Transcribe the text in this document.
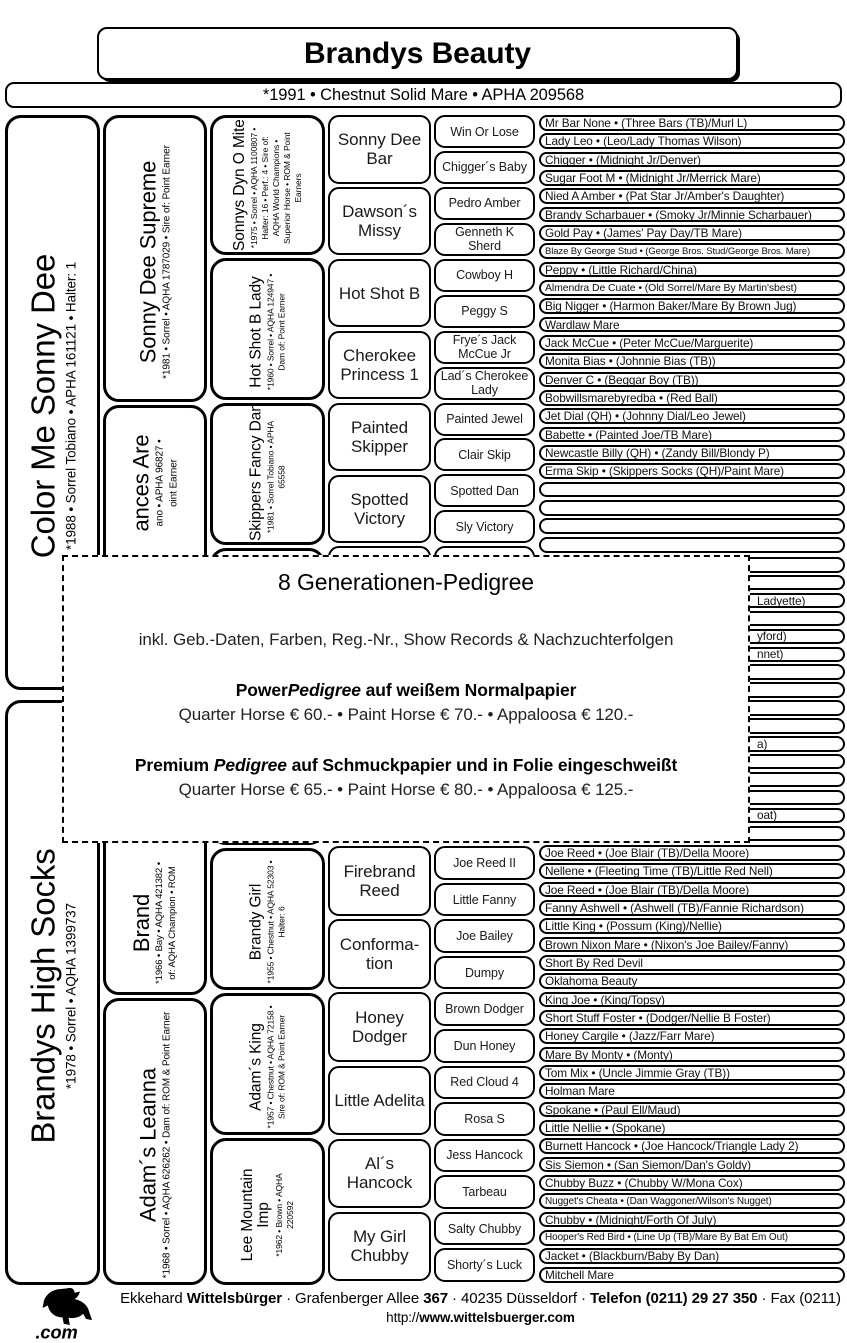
Brandys Beauty
*1991 • Chestnut Solid Mare • APHA 209568
Color Me Sonny Dee *1988 • Sorrel Tobiano • APHA 161121 • Halter: 1
Brandys High Socks *1978 • Sorrel • AQHA 1399737
Sonny Dee Supreme *1981 • Sorrel • AQHA 1787029 • Sire of: Point Earner
ances Are ano • APHA 96827 • oint Earner
Brand *1966 • Bay • AQHA 421382 • of: AQHA Champion • ROM
Adam´s Leanna *1968 • Sorrel • AQHA 626262 • Dam of: ROM & Point Earner
Sonnys Dyn O Mite *1975 • Sorrel • AQHA 1100807 • Halter: 16 • Perf.: 4 • Sire of: AQHA World Champions • Superior Horse • ROM & Point Earners
Hot Shot B Lady *1960 • Sorrel • AQHA 124947 • Dam of: Point Earner
Skippers Fancy Dan *1981 • Sorrel Tobiano • APHA 65558
Brandy Girl *1955 • Chestnut • AQHA 52303 • Halter: 6
Adam´s King *1957 • Chestnut • AQHA 72158 • Sire of: ROM & Point Earner
Lee Mountain Imp *1962 • Brown • AQHA 220592
Sonny Dee Bar
Dawson´s Missy
Hot Shot B
Firebrand Reed
Cherokee Princess 1
Conforma-tion
Painted Skipper
Honey Dodger
Spotted Victory
Little Adelita
Al´s Hancock
My Girl Chubby
Win Or Lose
Chigger´s Baby
Pedro Amber
Genneth K Sherd
Cowboy H
Joe Reed II
Peggy S
Little Fanny
Frye´s Jack McCue Jr
Joe Bailey
Lad´s Cherokee Lady
Dumpy
Painted Jewel
Brown Dodger
Clair Skip
Dun Honey
Spotted Dan
Red Cloud 4
Sly Victory
Rosa S
Jess Hancock
Tarbeau
Salty Chubby
Shorty´s Luck
Mr Bar None • (Three Bars (TB)/Murl L)
Lady Leo • (Leo/Lady Thomas Wilson)
Chigger • (Midnight Jr/Denver)
Sugar Foot M • (Midnight Jr/Merrick Mare)
Nied A Amber • (Pat Star Jr/Amber's Daughter)
Brandy Scharbauer • (Smoky Jr/Minnie Scharbauer)
Gold Pay • (James' Pay Day/TB Mare)
Blaze By George Stud • (George Bros. Stud/George Bros. Mare)
Peppy • (Little Richard/China)
Almendra De Cuate • (Old Sorrel/Mare By Martin'sbest)
Big Nigger • (Harmon Baker/Mare By Brown Jug)
Wardlaw Mare
Jack McCue • (Peter McCue/Marguerite)
Monita Bias • (Johnnie Bias (TB))
Denver C • (Beggar Boy (TB))
Bobwillsmarebyredba • (Red Ball)
Jet Dial (QH) • (Johnny Dial/Leo Jewel)
Babette • (Painted Joe/TB Mare)
Newcastle Billy (QH) • (Zandy Bill/Blondy P)
Erma Skip • (Skippers Socks (QH)/Paint Mare)
Ladyette)
yford)
nnet)
a)
oat)
Joe Reed • (Joe Blair (TB)/Della Moore)
Nellene • (Fleeting Time (TB)/Little Red Nell)
Joe Reed • (Joe Blair (TB)/Della Moore)
Fanny Ashwell • (Ashwell (TB)/Fannie Richardson)
Little King • (Possum (King)/Nellie)
Brown Nixon Mare • (Nixon's Joe Bailey/Fanny)
Short By Red Devil
Oklahoma Beauty
King Joe • (King/Topsy)
Short Stuff Foster • (Dodger/Nellie B Foster)
Honey Cargile • (Jazz/Farr Mare)
Mare By Monty • (Monty)
Tom Mix • (Uncle Jimmie Gray (TB))
Holman Mare
Spokane • (Paul Ell/Maud)
Little Nellie • (Spokane)
Burnett Hancock • (Joe Hancock/Triangle Lady 2)
Sis Siemon • (San Siemon/Dan's Goldy)
Chubby Buzz • (Chubby W/Mona Cox)
Nugget's Cheata • (Dan Waggoner/Wilson's Nugget)
Chubby • (Midnight/Forth Of July)
Hooper's Red Bird • (Line Up (TB)/Mare By Bat Em Out)
Jacket • (Blackburn/Baby By Dan)
Mitchell Mare
8 Generationen-Pedigree
inkl. Geb.-Daten, Farben, Reg.-Nr., Show Records & Nachzuchterfolgen
PowerPedigree auf weißem Normalpapier
Quarter Horse € 60.- • Paint Horse € 70.- • Appaloosa € 120.-
Premium Pedigree auf Schmuckpapier und in Folie eingeschweißt
Quarter Horse € 65.- • Paint Horse € 80.- • Appaloosa € 125.-
.com
Ekkehard Wittelsbürger · Grafenberger Allee 367 · 40235 Düsseldorf · Telefon (0211) 29 27 350 · Fax (0211)
http://www.wittelsbuerger.com
